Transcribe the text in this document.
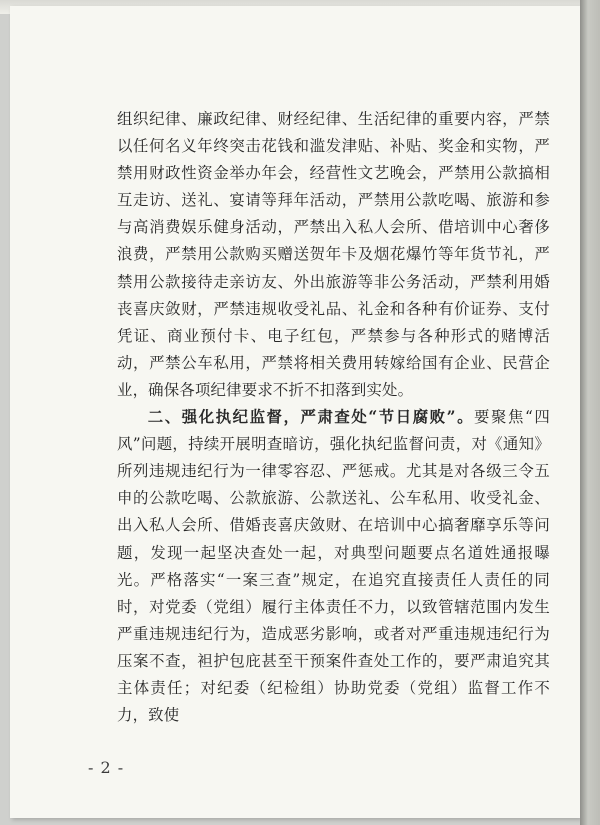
组织纪律、廉政纪律、财经纪律、生活纪律的重要内容，严禁以任何名义年终突击花钱和滥发津贴、补贴、奖金和实物，严禁用财政性资金举办年会，经营性文艺晚会，严禁用公款搞相互走访、送礼、宴请等拜年活动，严禁用公款吃喝、旅游和参与高消费娱乐健身活动，严禁出入私人会所、借培训中心奢侈浪费，严禁用公款购买赠送贺年卡及烟花爆竹等年货节礼，严禁用公款接待走亲访友、外出旅游等非公务活动，严禁利用婚丧喜庆敛财，严禁违规收受礼品、礼金和各种有价证券、支付凭证、商业预付卡、电子红包，严禁参与各种形式的赌博活动，严禁公车私用，严禁将相关费用转嫁给国有企业、民营企业，确保各项纪律要求不折不扣落到实处。

二、强化执纪监督，严肃查处“节日腐败”。要聚焦“四风”问题，持续开展明查暗访，强化执纪监督问责，对《通知》所列违规违纪行为一律零容忍、严惩戒。尤其是对各级三令五申的公款吃喝、公款旅游、公款送礼、公车私用、收受礼金、出入私人会所、借婚丧喜庆敛财、在培训中心搞奢靡享乐等问题，发现一起坚决查处一起，对典型问题要点名道姓通报曝光。严格落实“一案三查”规定，在追究直接责任人责任的同时，对党委（党组）履行主体责任不力，以致管辖范围内发生严重违规违纪行为，造成恶劣影响，或者对严重违规违纪行为压案不查，袒护包庇甚至干预案件查处工作的，要严肃追究其主体责任；对纪委（纪检组）协助党委（党组）监督工作不力，致使

- 2 -
